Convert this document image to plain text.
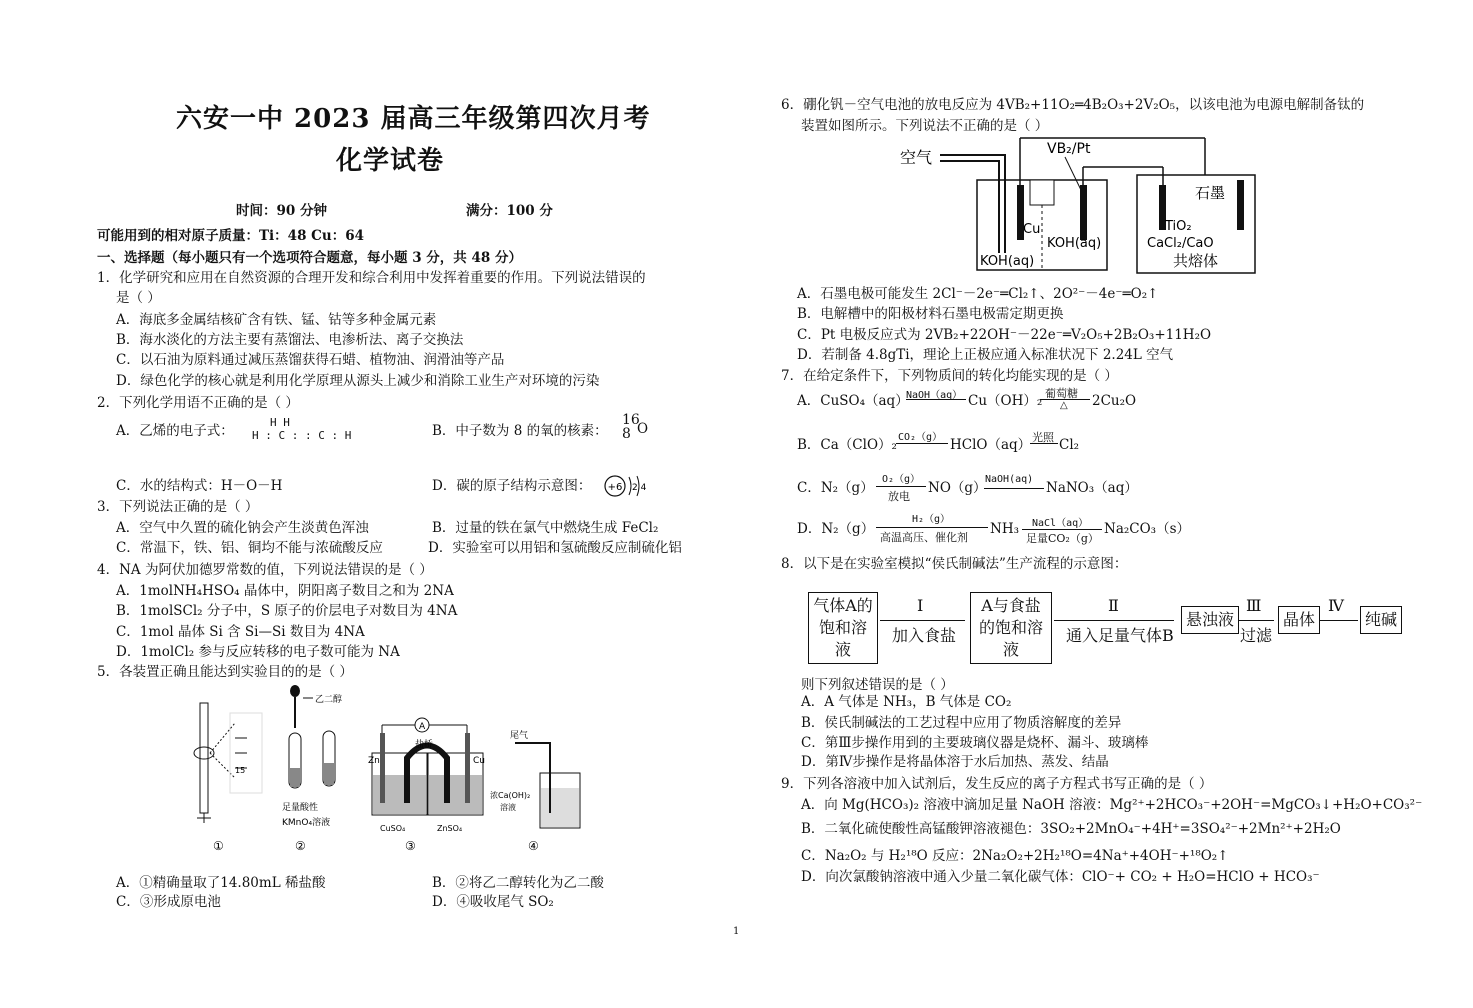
六安一中 2023 届高三年级第四次月考
化学试卷
时间：90 分钟	满分：100 分
可能用到的相对原子质量：Ti：48 Cu：64
一、选择题（每小题只有一个选项符合题意，每小题 3 分，共 48 分）
1．化学研究和应用在自然资源的合理开发和综合利用中发挥着重要的作用。下列说法错误的
是（ ）
A．海底多金属结核矿含有铁、锰、钴等多种金属元素
B．海水淡化的方法主要有蒸馏法、电渗析法、离子交换法
C．以石油为原料通过减压蒸馏获得石蜡、植物油、润滑油等产品
D．绿色化学的核心就是利用化学原理从源头上减少和消除工业生产对环境的污染
2．下列化学用语不正确的是（ ）
A．乙烯的电子式：
H H
H : C : : C : H	B．中子数为 8 的氧的核素：
16
8 O
C．水的结构式：H－O－H	D．碳的原子结构示意图： +6 2 4
3．下列说法正确的是（ ）
A．空气中久置的硫化钠会产生淡黄色浑浊	B．过量的铁在氯气中燃烧生成 FeCl₂
C．常温下，铁、铝、铜均不能与浓硫酸反应	D．实验室可以用铝和氢硫酸反应制硫化铝
4．NA 为阿伏加德罗常数的值，下列说法错误的是（ ）
A．1molNH₄HSO₄ 晶体中，阴阳离子数目之和为 2NA
B．1molSCl₂ 分子中，S 原子的价层电子对数目为 4NA
C．1mol 晶体 Si 含 Si—Si 数目为 4NA
D．1molCl₂ 参与反应转移的电子数可能为 NA
5．各装置正确且能达到实验目的的是（ ）
15
①
乙二醇
足量酸性
KMnO₄溶液
②
A
盐桥
Zn	Cu
CuSO₄	ZnSO₄
③
尾气
浓Ca(OH)₂
溶液
④
A．①精确量取了14.80mL 稀盐酸	B．②将乙二醇转化为乙二酸
C．③形成原电池	D．④吸收尾气 SO₂
6．硼化钒－空气电池的放电反应为 4VB₂+11O₂═4B₂O₃+2V₂O₅，以该电池为电源电解制备钛的
装置如图所示。下列说法不正确的是（ ）
空气	VB₂/Pt
Cu
KOH(aq)
KOH(aq)
石墨
TiO₂
CaCl₂/CaO
共熔体
A．石墨电极可能发生 2Cl⁻－2e⁻═Cl₂↑、2O²⁻－4e⁻═O₂↑
B．电解槽中的阳极材料石墨电极需定期更换
C．Pt 电极反应式为 2VB₂+22OH⁻－22e⁻═V₂O₅+2B₂O₃+11H₂O
D．若制备 4.8gTi，理论上正极应通入标准状况下 2.24L 空气
7．在给定条件下，下列物质间的转化均能实现的是（ ）
A．CuSO₄（aq）
NaOH（aq） Cu（OH）₂ 葡萄糖
△ 2Cu₂O
B．Ca（ClO）₂ CO₂（g） HClO（aq） 光照 Cl₂
C．N₂（g）
O₂（g）
放电
NO（g）
NaOH(aq)
NaNO₃（aq）
D．N₂（g）
H₂（g）
高温高压、催化剂
NH₃ NaCl（aq）
足量CO₂（g）
Na₂CO₃（s）
8．以下是在实验室模拟“侯氏制碱法”生产流程的示意图：
气体A的饱和溶液
Ⅰ
加入食盐
A与食盐的饱和溶液
Ⅱ
通入足量气体B
悬浊液
Ⅲ
过滤
晶体
Ⅳ
纯碱
则下列叙述错误的是（ ）
A．A 气体是 NH₃，B 气体是 CO₂
B．侯氏制碱法的工艺过程中应用了物质溶解度的差异
C．第Ⅲ步操作用到的主要玻璃仪器是烧杯、漏斗、玻璃棒
D．第Ⅳ步操作是将晶体溶于水后加热、蒸发、结晶
9．下列各溶液中加入试剂后，发生反应的离子方程式书写正确的是（ ）
A．向 Mg(HCO₃)₂ 溶液中滴加足量 NaOH 溶液：Mg²⁺+2HCO₃⁻+2OH⁻=MgCO₃↓+H₂O+CO₃²⁻
B．二氧化硫使酸性高锰酸钾溶液褪色：3SO₂+2MnO₄⁻+4H⁺=3SO₄²⁻+2Mn²⁺+2H₂O
C．Na₂O₂ 与 H₂¹⁸O 反应：2Na₂O₂+2H₂¹⁸O=4Na⁺+4OH⁻+¹⁸O₂↑
D．向次氯酸钠溶液中通入少量二氧化碳气体：ClO⁻+ CO₂ + H₂O=HClO + HCO₃⁻
1
